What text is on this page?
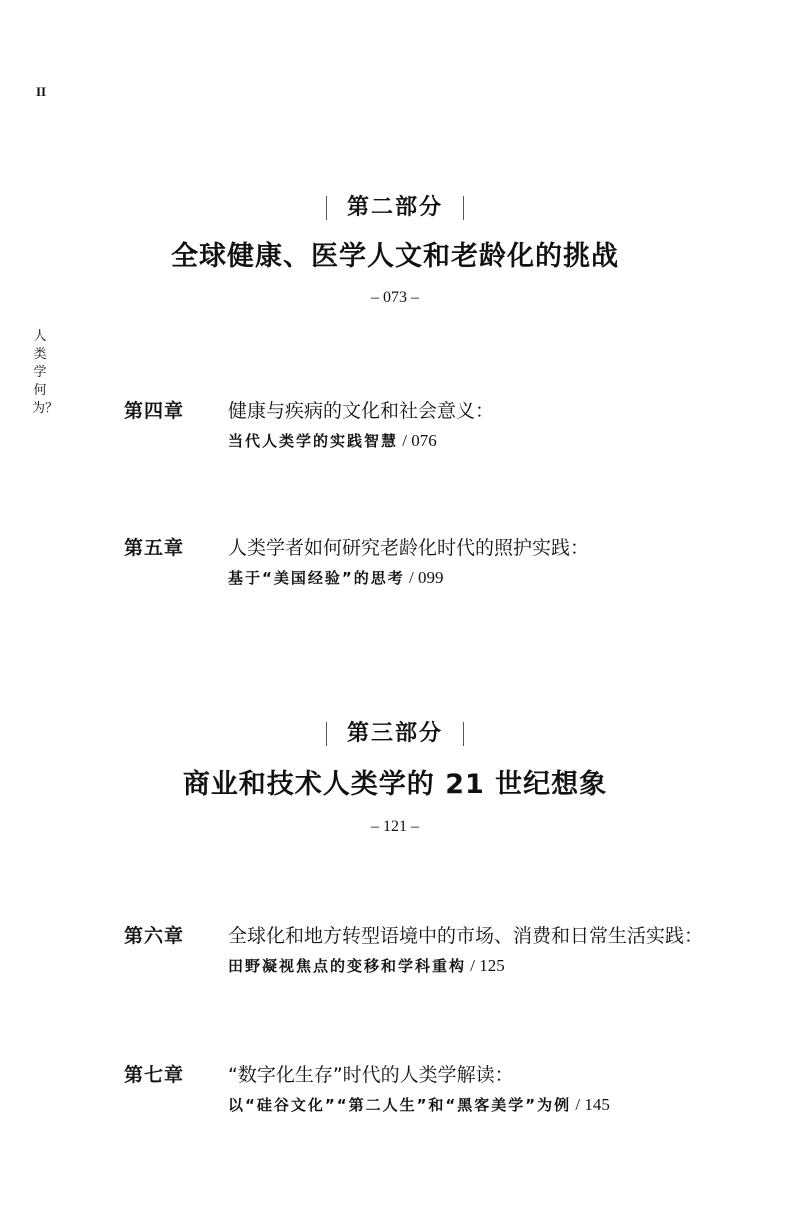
II
人类学何为？
第二部分
全球健康、医学人文和老龄化的挑战
– 073 –
第四章 健康与疾病的文化和社会意义：
当代人类学的实践智慧 / 076
第五章 人类学者如何研究老龄化时代的照护实践：
基于“美国经验”的思考 / 099
第三部分
商业和技术人类学的 21 世纪想象
– 121 –
第六章 全球化和地方转型语境中的市场、消费和日常生活实践：
田野凝视焦点的变移和学科重构 / 125
第七章 “数字化生存”时代的人类学解读：
以“硅谷文化”“第二人生”和“黑客美学”为例 / 145
